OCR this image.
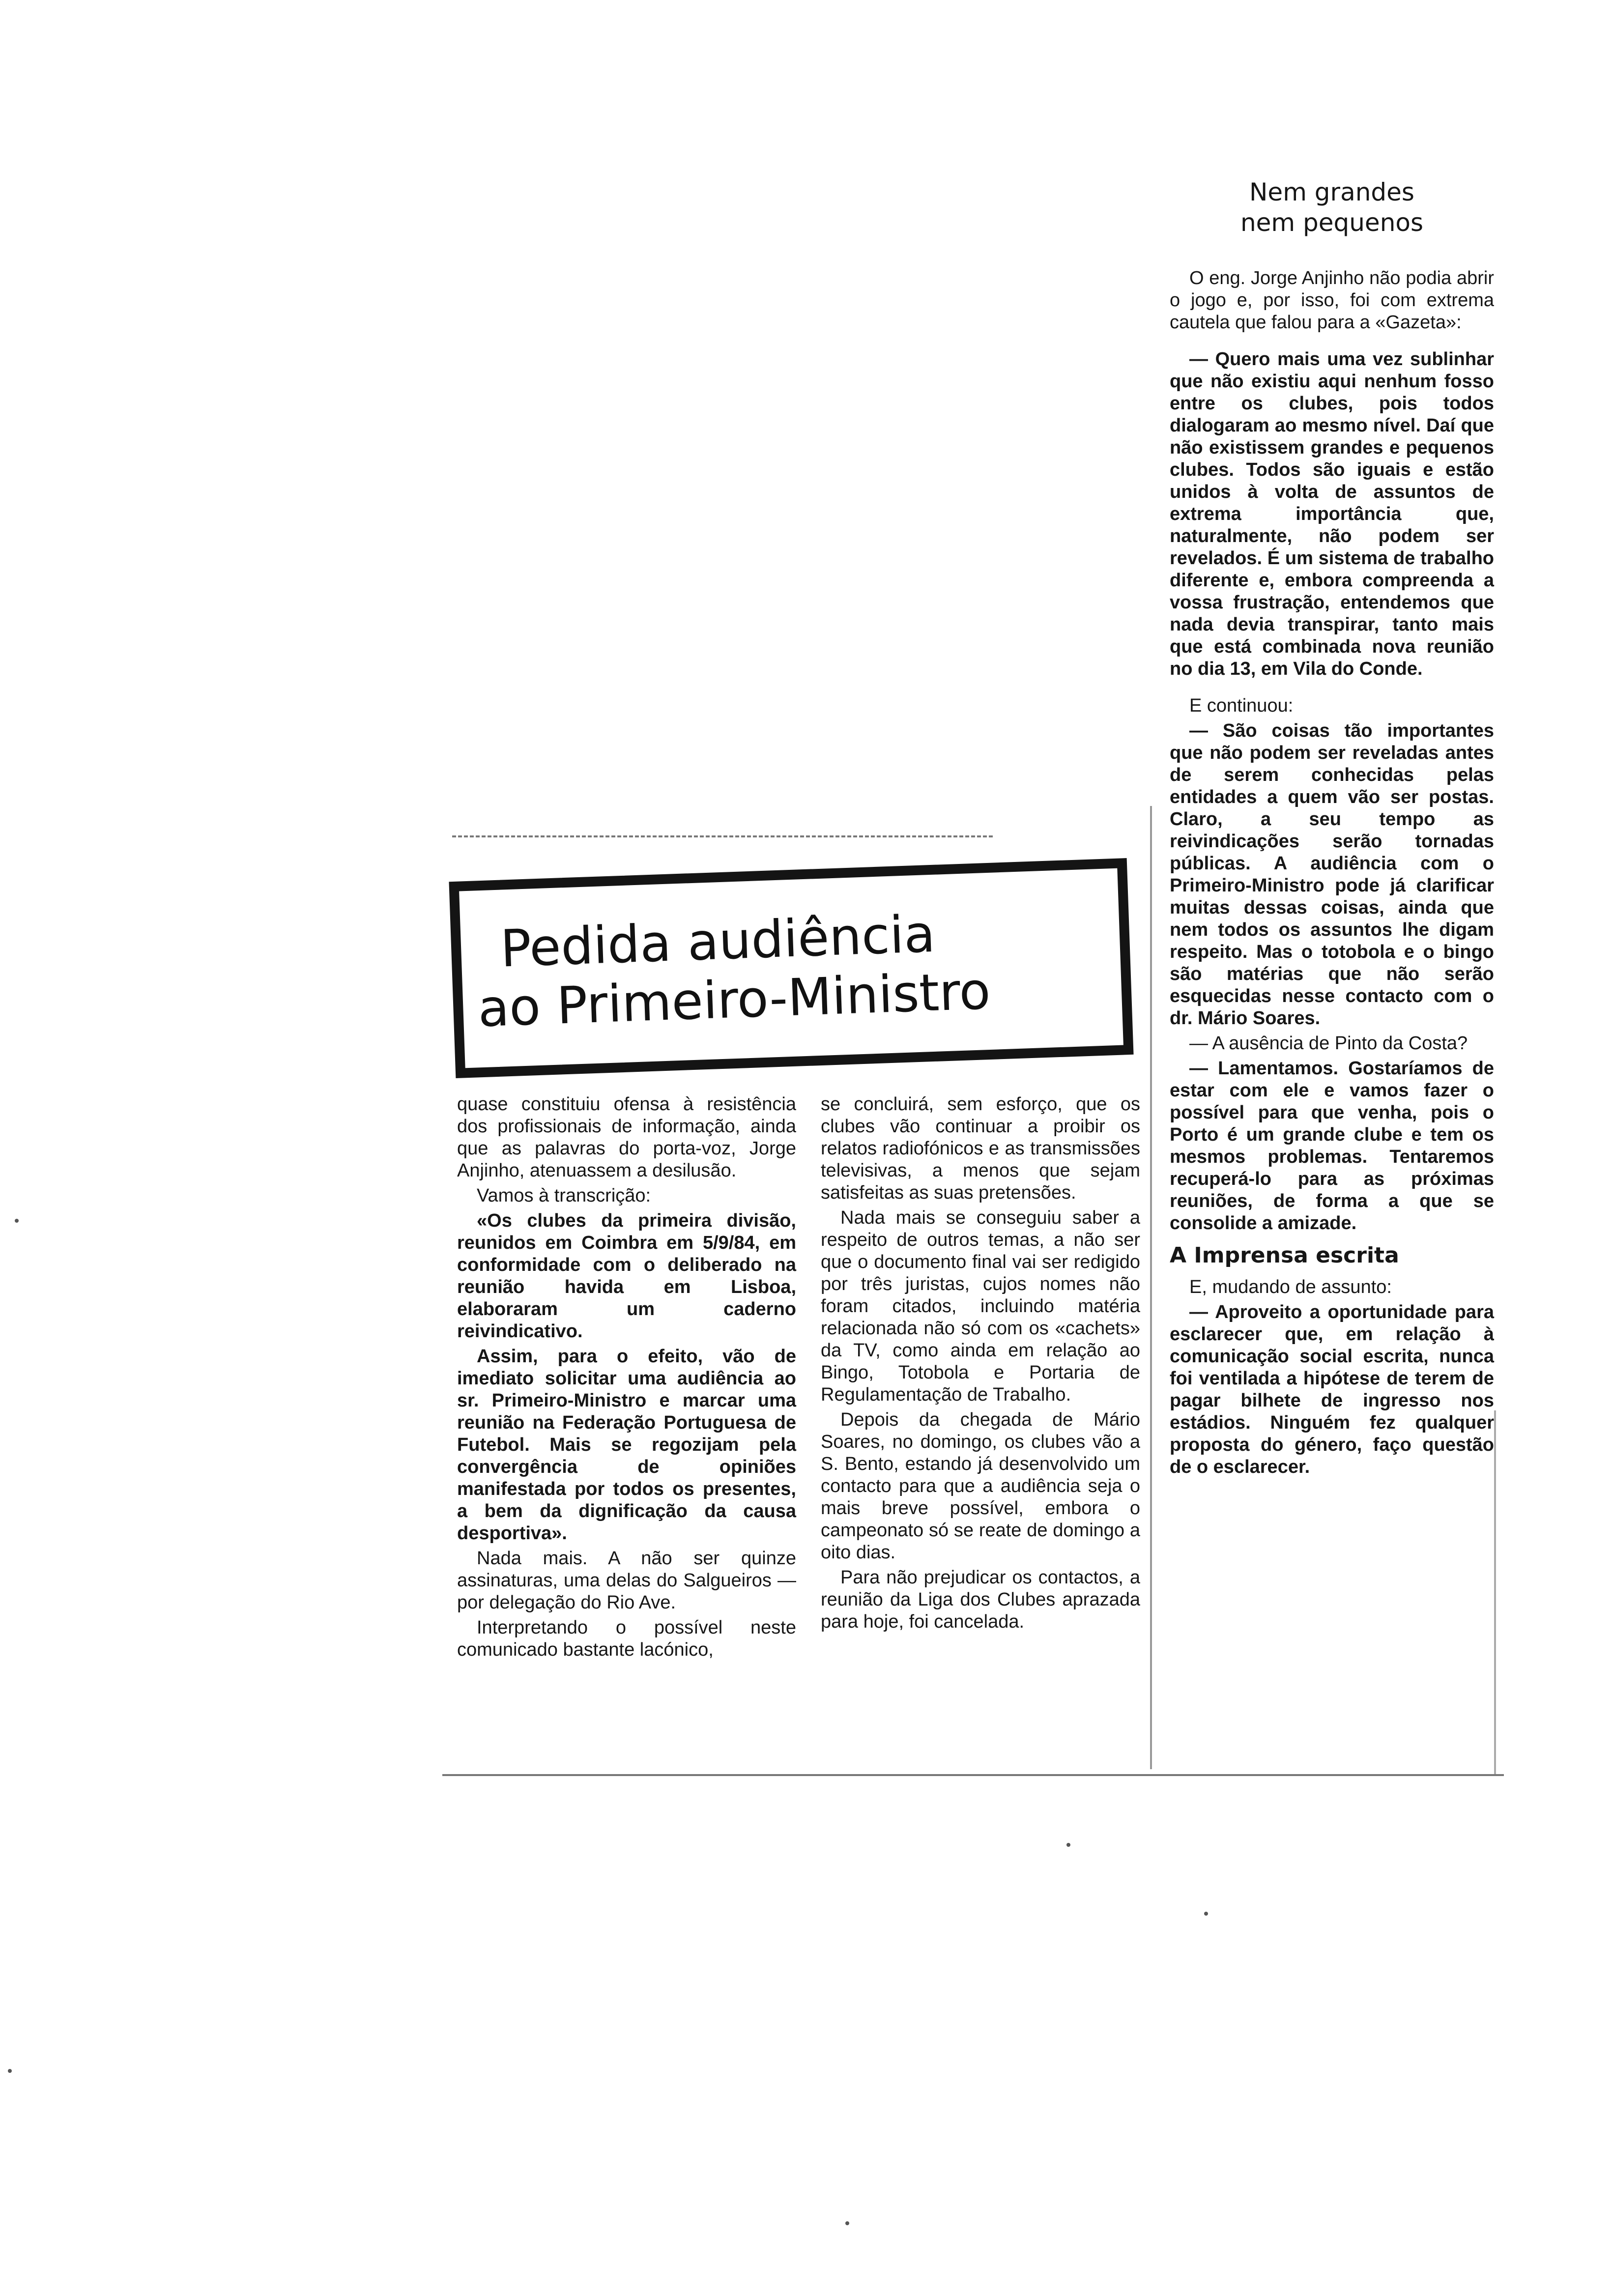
Nem grandes
nem pequenos

O eng. Jorge Anjinho não podia abrir o jogo e, por isso, foi com extrema cautela que falou para a «Gazeta»:

— Quero mais uma vez sublinhar que não existiu aqui nenhum fosso entre os clubes, pois todos dialogaram ao mesmo nível. Daí que não existissem grandes e pequenos clubes. Todos são iguais e estão unidos à volta de assuntos de extrema importância que, naturalmente, não podem ser revelados. É um sistema de trabalho diferente e, embora compreenda a vossa frustração, entendemos que nada devia transpirar, tanto mais que está combinada nova reunião no dia 13, em Vila do Conde.

E continuou:

— São coisas tão importantes que não podem ser reveladas antes de serem conhecidas pelas entidades a quem vão ser postas. Claro, a seu tempo as reivindicações serão tornadas públicas. A audiência com o Primeiro-Ministro pode já clarificar muitas dessas coisas, ainda que nem todos os assuntos lhe digam respeito. Mas o totobola e o bingo são matérias que não serão esquecidas nesse contacto com o dr. Mário Soares.

— A ausência de Pinto da Costa?

— Lamentamos. Gostaríamos de estar com ele e vamos fazer o possível para que venha, pois o Porto é um grande clube e tem os mesmos problemas. Tentaremos recuperá-lo para as próximas reuniões, de forma a que se consolide a amizade.

A Imprensa escrita

E, mudando de assunto:

— Aproveito a oportunidade para esclarecer que, em relação à comunicação social escrita, nunca foi ventilada a hipótese de terem de pagar bilhete de ingresso nos estádios. Ninguém fez qualquer proposta do género, faço questão de o esclarecer.

Pedida audiência
ao Primeiro-Ministro

quase constituiu ofensa à resistência dos profissionais de informação, ainda que as palavras do porta-voz, Jorge Anjinho, atenuassem a desilusão.

Vamos à transcrição:

«Os clubes da primeira divisão, reunidos em Coimbra em 5/9/84, em conformidade com o deliberado na reunião havida em Lisboa, elaboraram um caderno reivindicativo.

Assim, para o efeito, vão de imediato solicitar uma audiência ao sr. Primeiro-Ministro e marcar uma reunião na Federação Portuguesa de Futebol. Mais se regozijam pela convergência de opiniões manifestada por todos os presentes, a bem da dignificação da causa desportiva».

Nada mais. A não ser quinze assinaturas, uma delas do Salgueiros — por delegação do Rio Ave.

Interpretando o possível neste comunicado bastante lacónico,

se concluirá, sem esforço, que os clubes vão continuar a proibir os relatos radiofónicos e as transmissões televisivas, a menos que sejam satisfeitas as suas pretensões.

Nada mais se conseguiu saber a respeito de outros temas, a não ser que o documento final vai ser redigido por três juristas, cujos nomes não foram citados, incluindo matéria relacionada não só com os «cachets» da TV, como ainda em relação ao Bingo, Totobola e Portaria de Regulamentação de Trabalho.

Depois da chegada de Mário Soares, no domingo, os clubes vão a S. Bento, estando já desenvolvido um contacto para que a audiência seja o mais breve possível, embora o campeonato só se reate de domingo a oito dias.

Para não prejudicar os contactos, a reunião da Liga dos Clubes aprazada para hoje, foi cancelada.
